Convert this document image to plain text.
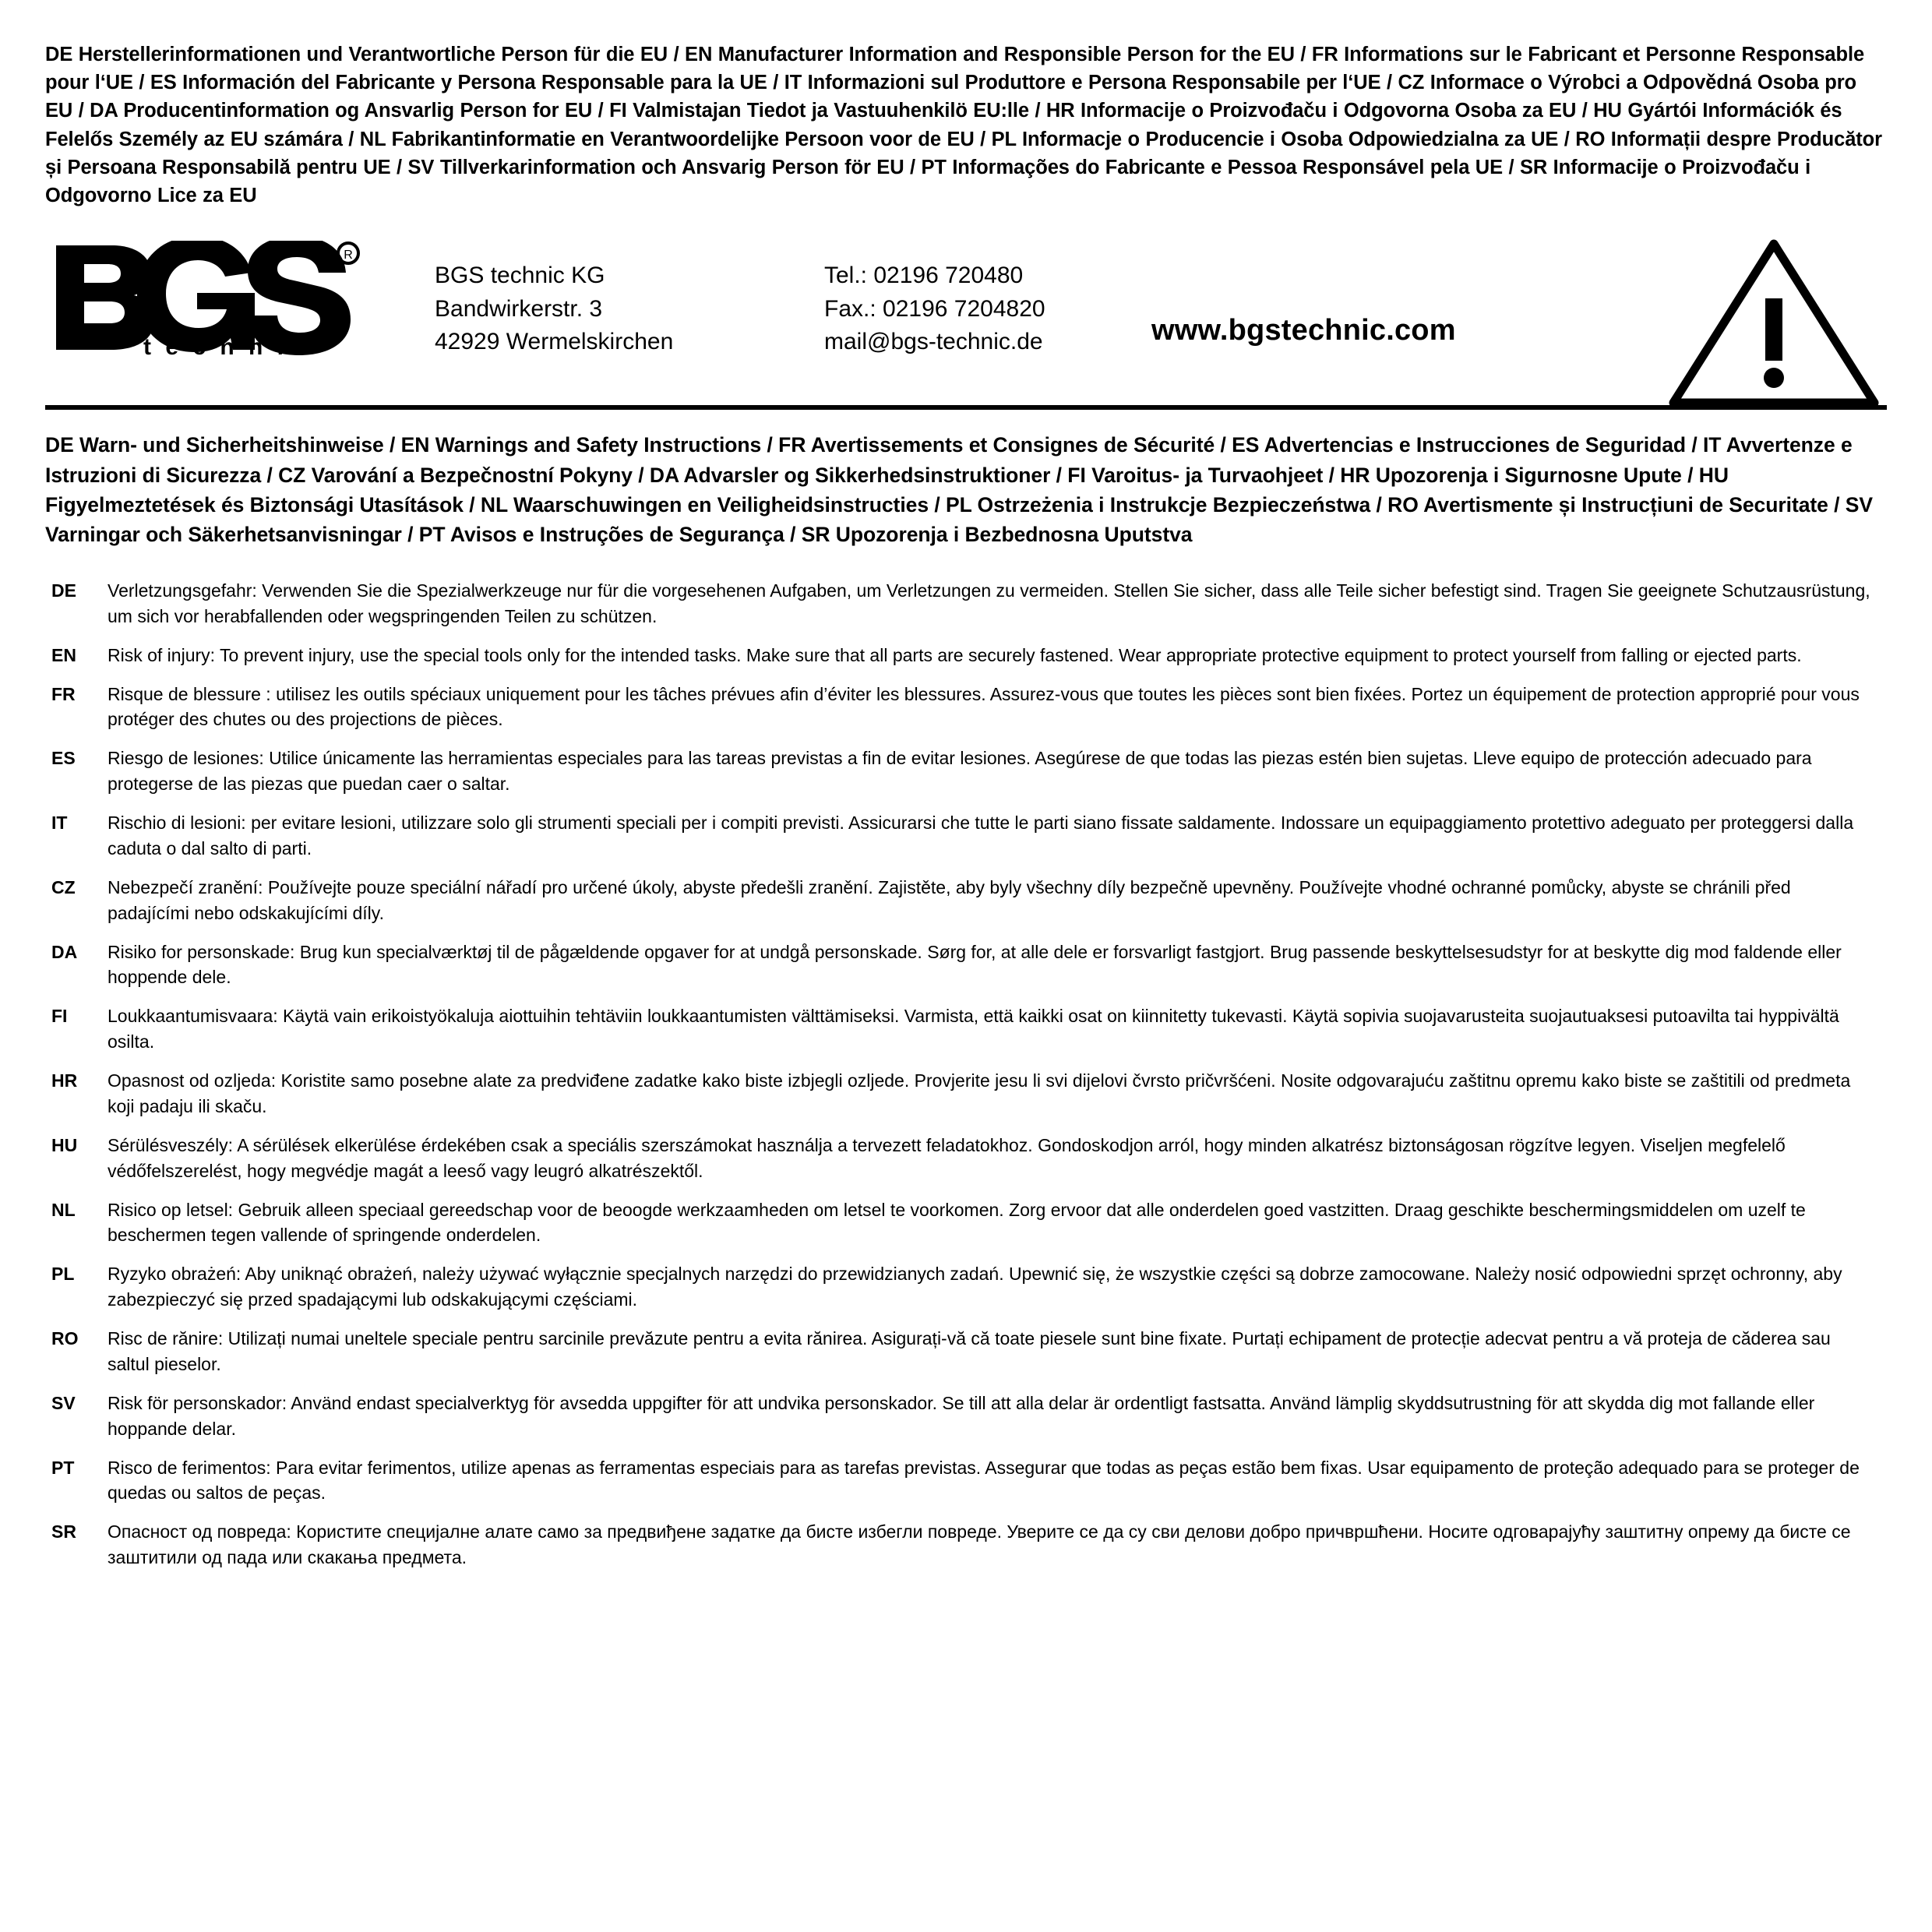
DE Herstellerinformationen und Verantwortliche Person für die EU / EN Manufacturer Information and Responsible Person for the EU / FR Informations sur le Fabricant et Personne Responsable pour l‘UE / ES Información del Fabricante y Persona Responsable para la UE / IT Informazioni sul Produttore e Persona Responsabile per l‘UE / CZ Informace o Výrobci a Odpovědná Osoba pro EU / DA Producentinformation og Ansvarlig Person for EU / FI Valmistajan Tiedot ja Vastuuhenkilö EU:lle / HR Informacije o Proizvođaču i Odgovorna Osoba za EU / HU Gyártói Információk és Felelős Személy az EU számára / NL Fabrikantinformatie en Verantwoordelijke Persoon voor de EU / PL Informacje o Producencie i Osoba Odpowiedzialna za UE / RO Informații despre Producător și Persoana Responsabilă pentru UE / SV Tillverkarinformation och Ansvarig Person för EU / PT Informações do Fabricante e Pessoa Responsável pela UE / SR Informacije o Proizvođaču i Odgovorno Lice za EU
R
t e c h n i c
BGS technic KG
Bandwirkerstr. 3
42929 Wermelskirchen
Tel.: 02196 720480
Fax.: 02196 7204820
mail@bgs-technic.de	www.bgstechnic.com
DE Warn- und Sicherheitshinweise / EN Warnings and Safety Instructions / FR Avertissements et Consignes de Sécurité / ES Advertencias e Instrucciones de Seguridad / IT Avvertenze e Istruzioni di Sicurezza / CZ Varování a Bezpečnostní Pokyny / DA Advarsler og Sikkerhedsinstruktioner / FI Varoitus- ja Turvaohjeet / HR Upozorenja i Sigurnosne Upute / HU Figyelmeztetések és Biztonsági Utasítások / NL Waarschuwingen en Veiligheidsinstructies / PL Ostrzeżenia i Instrukcje Bezpieczeństwa / RO Avertismente și Instrucțiuni de Securitate / SV Varningar och Säkerhetsanvisningar / PT Avisos e Instruções de Segurança / SR Upozorenja i Bezbednosna Uputstva
DE	Verletzungsgefahr: Verwenden Sie die Spezialwerkzeuge nur für die vorgesehenen Aufgaben, um Verletzungen zu vermeiden. Stellen Sie sicher, dass alle Teile sicher befestigt sind. Tragen Sie geeignete Schutzausrüstung, um sich vor herabfallenden oder wegspringenden Teilen zu schützen.
EN	Risk of injury: To prevent injury, use the special tools only for the intended tasks. Make sure that all parts are securely fastened. Wear appropriate protective equipment to protect yourself from falling or ejected parts.
FR	Risque de blessure : utilisez les outils spéciaux uniquement pour les tâches prévues afin d’éviter les blessures. Assurez-vous que toutes les pièces sont bien fixées. Portez un équipement de protection approprié pour vous protéger des chutes ou des projections de pièces.
ES	Riesgo de lesiones: Utilice únicamente las herramientas especiales para las tareas previstas a fin de evitar lesiones. Asegúrese de que todas las piezas estén bien sujetas. Lleve equipo de protección adecuado para protegerse de las piezas que puedan caer o saltar.
IT	Rischio di lesioni: per evitare lesioni, utilizzare solo gli strumenti speciali per i compiti previsti. Assicurarsi che tutte le parti siano fissate saldamente. Indossare un equipaggiamento protettivo adeguato per proteggersi dalla caduta o dal salto di parti.
CZ	Nebezpečí zranění: Používejte pouze speciální nářadí pro určené úkoly, abyste předešli zranění. Zajistěte, aby byly všechny díly bezpečně upevněny. Používejte vhodné ochranné pomůcky, abyste se chránili před padajícími nebo odskakujícími díly.
DA	Risiko for personskade: Brug kun specialværktøj til de pågældende opgaver for at undgå personskade. Sørg for, at alle dele er forsvarligt fastgjort. Brug passende beskyttelsesudstyr for at beskytte dig mod faldende eller hoppende dele.
FI	Loukkaantumisvaara: Käytä vain erikoistyökaluja aiottuihin tehtäviin loukkaantumisten välttämiseksi. Varmista, että kaikki osat on kiinnitetty tukevasti. Käytä sopivia suojavarusteita suojautuaksesi putoavilta tai hyppivältä osilta.
HR	Opasnost od ozljeda: Koristite samo posebne alate za predviđene zadatke kako biste izbjegli ozljede. Provjerite jesu li svi dijelovi čvrsto pričvršćeni. Nosite odgovarajuću zaštitnu opremu kako biste se zaštitili od predmeta koji padaju ili skaču.
HU	Sérülésveszély: A sérülések elkerülése érdekében csak a speciális szerszámokat használja a tervezett feladatokhoz. Gondoskodjon arról, hogy minden alkatrész biztonságosan rögzítve legyen. Viseljen megfelelő védőfelszerelést, hogy megvédje magát a leeső vagy leugró alkatrészektől.
NL	Risico op letsel: Gebruik alleen speciaal gereedschap voor de beoogde werkzaamheden om letsel te voorkomen. Zorg ervoor dat alle onderdelen goed vastzitten. Draag geschikte beschermingsmiddelen om uzelf te beschermen tegen vallende of springende onderdelen.
PL	Ryzyko obrażeń: Aby uniknąć obrażeń, należy używać wyłącznie specjalnych narzędzi do przewidzianych zadań. Upewnić się, że wszystkie części są dobrze zamocowane. Należy nosić odpowiedni sprzęt ochronny, aby zabezpieczyć się przed spadającymi lub odskakującymi częściami.
RO	Risc de rănire: Utilizați numai uneltele speciale pentru sarcinile prevăzute pentru a evita rănirea. Asigurați-vă că toate piesele sunt bine fixate. Purtați echipament de protecție adecvat pentru a vă proteja de căderea sau saltul pieselor.
SV	Risk för personskador: Använd endast specialverktyg för avsedda uppgifter för att undvika personskador. Se till att alla delar är ordentligt fastsatta. Använd lämplig skyddsutrustning för att skydda dig mot fallande eller hoppande delar.
PT	Risco de ferimentos: Para evitar ferimentos, utilize apenas as ferramentas especiais para as tarefas previstas. Assegurar que todas as peças estão bem fixas. Usar equipamento de proteção adequado para se proteger de quedas ou saltos de peças.
SR	Опасност од повреда: Користите специјалне алате само за предвиђене задатке да бисте избегли повреде. Уверите се да су сви делови добро причвршћени. Носите одговарајућу заштитну опрему да бисте се заштитили од пада или скакања предмета.
